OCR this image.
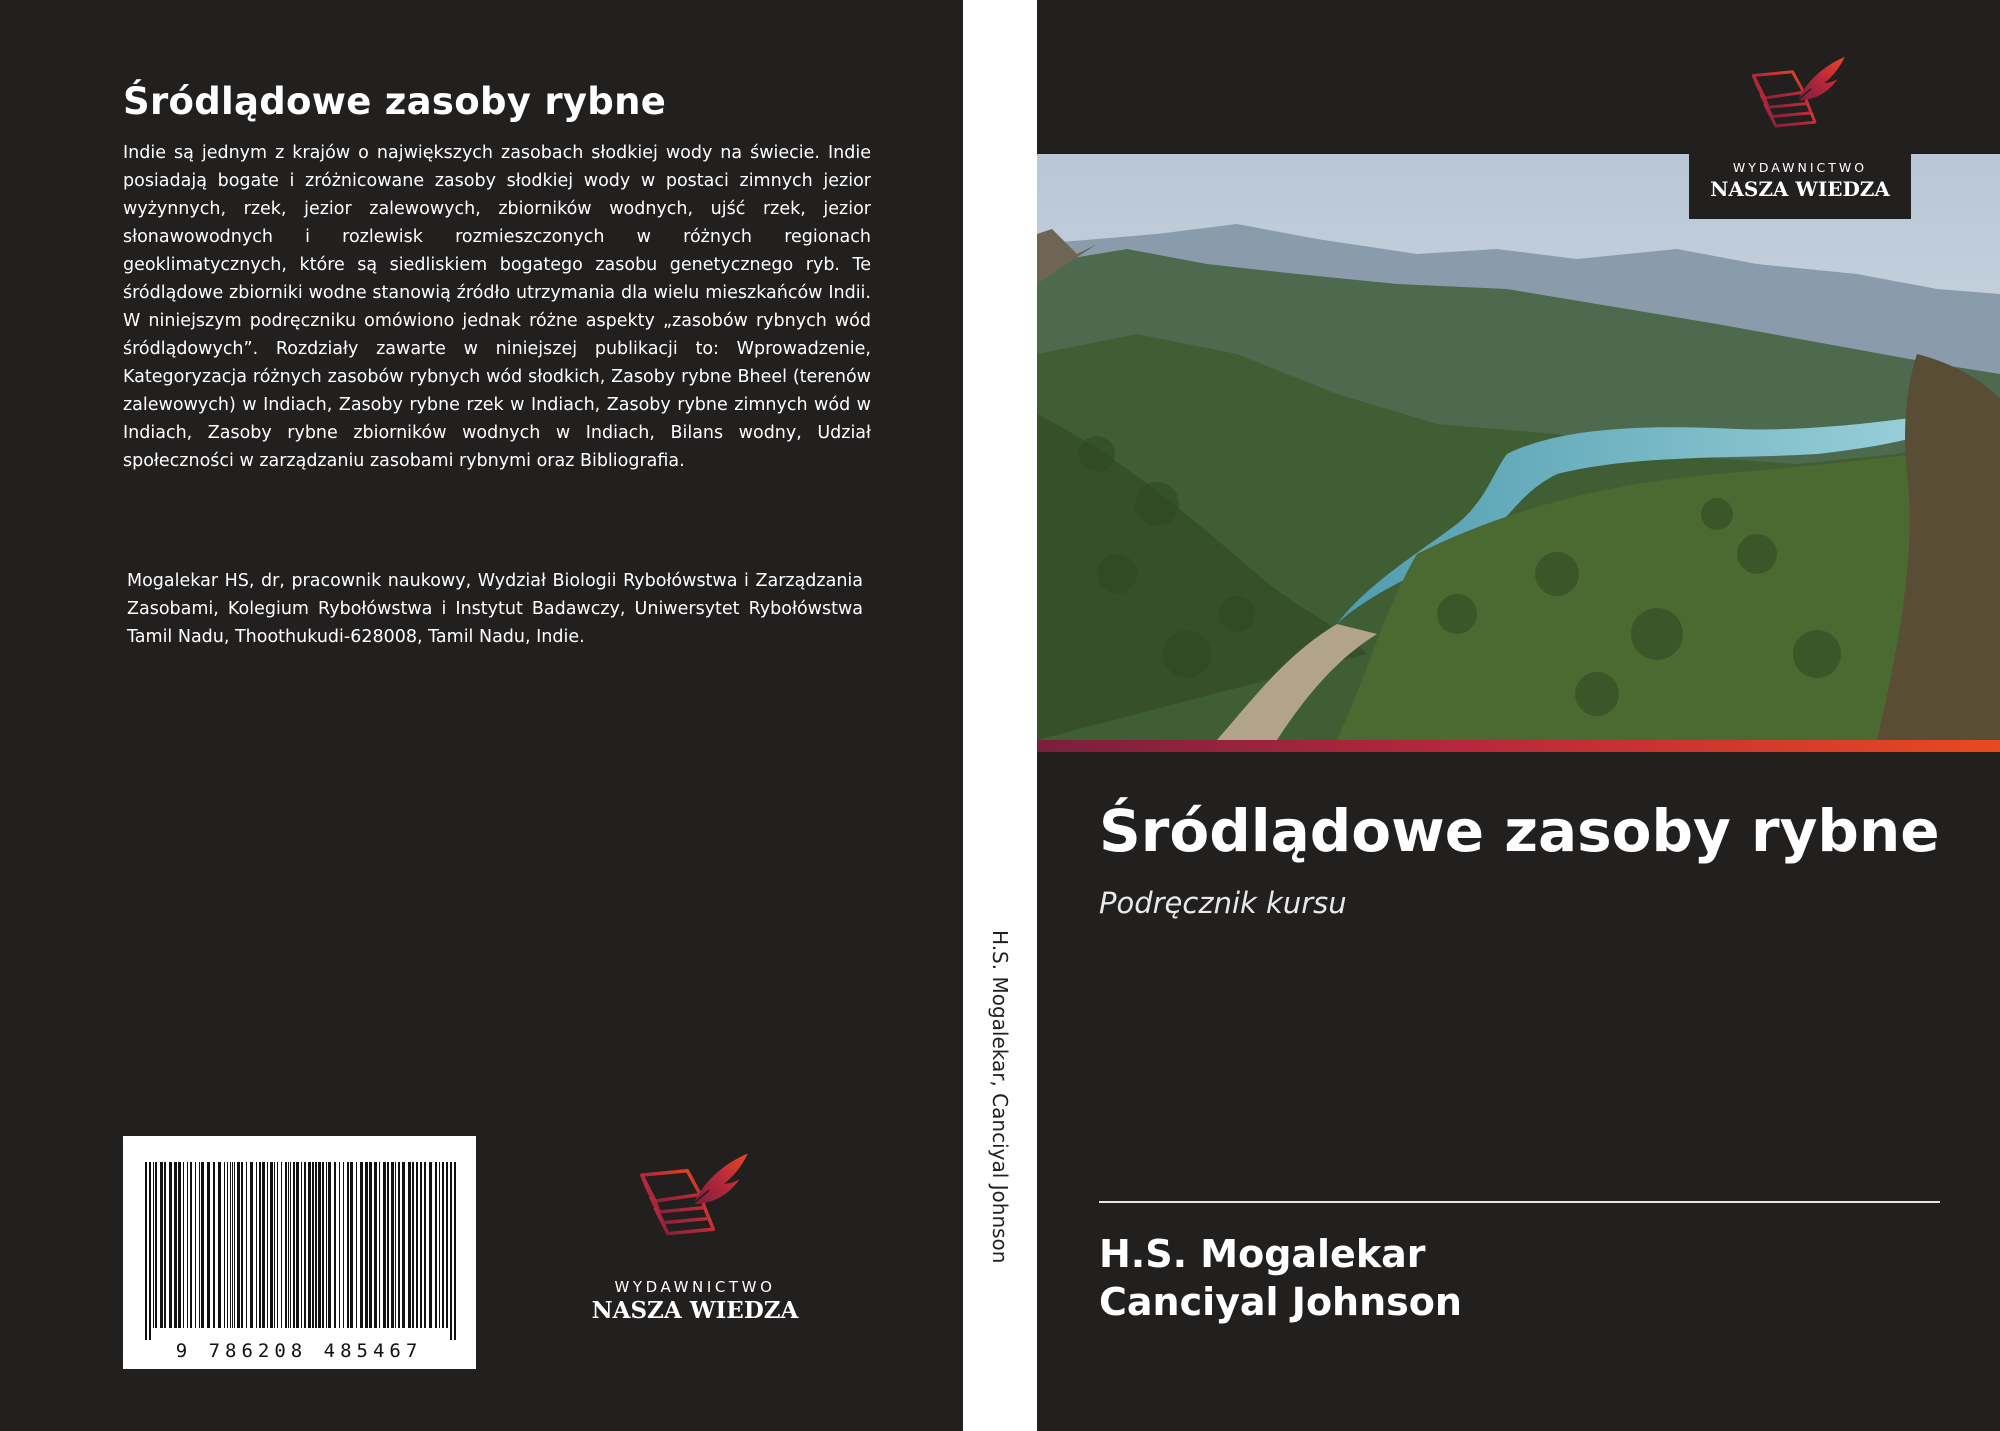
Śródlądowe zasoby rybne

Indie są jednym z krajów o największych zasobach słodkiej wody na świecie. Indie posiadają bogate i zróżnicowane zasoby słodkiej wody w postaci zimnych jezior wyżynnych, rzek, jezior zalewowych, zbiorników wodnych, ujść rzek, jezior słonawowodnych i rozlewisk rozmieszczonych w różnych regionach geoklimatycznych, które są siedliskiem bogatego zasobu genetycznego ryb. Te śródlądowe zbiorniki wodne stanowią źródło utrzymania dla wielu mieszkańców Indii. W niniejszym podręczniku omówiono jednak różne aspekty „zasobów rybnych wód śródlądowych”. Rozdziały zawarte w niniejszej publikacji to: Wprowadzenie, Kategoryzacja różnych zasobów rybnych wód słodkich, Zasoby rybne Bheel (terenów zalewowych) w Indiach, Zasoby rybne rzek w Indiach, Zasoby rybne zimnych wód w Indiach, Zasoby rybne zbiorników wodnych w Indiach, Bilans wodny, Udział społeczności w zarządzaniu zasobami rybnymi oraz Bibliografia.

Mogalekar HS, dr, pracownik naukowy, Wydział Biologii Rybołówstwa i Zarządzania Zasobami, Kolegium Rybołówstwa i Instytut Badawczy, Uniwersytet Rybołówstwa Tamil Nadu, Thoothukudi-628008, Tamil Nadu, Indie.

9 786208 485467
WYDAWNICTWO
NASZA WIEDZA
H.S. Mogalekar, Canciyal Johnson
WYDAWNICTWO
NASZA WIEDZA
Śródlądowe zasoby rybne
Podręcznik kursu

H.S. Mogalekar

Canciyal Johnson
